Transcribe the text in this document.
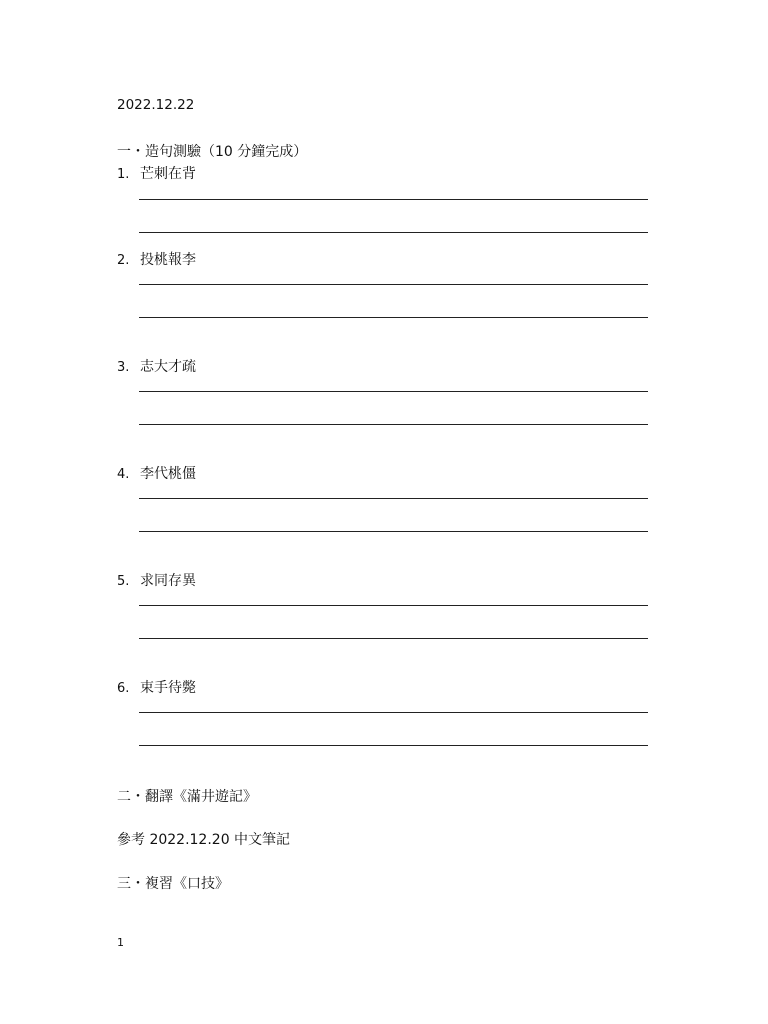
2022.12.22
一・造句測驗（10 分鐘完成）
1. 芒刺在背
2. 投桃報李
3. 志大才疏
4. 李代桃僵
5. 求同存異
6. 束手待斃
二・翻譯《滿井遊記》
參考 2022.12.20 中文筆記
三・複習《口技》
1
